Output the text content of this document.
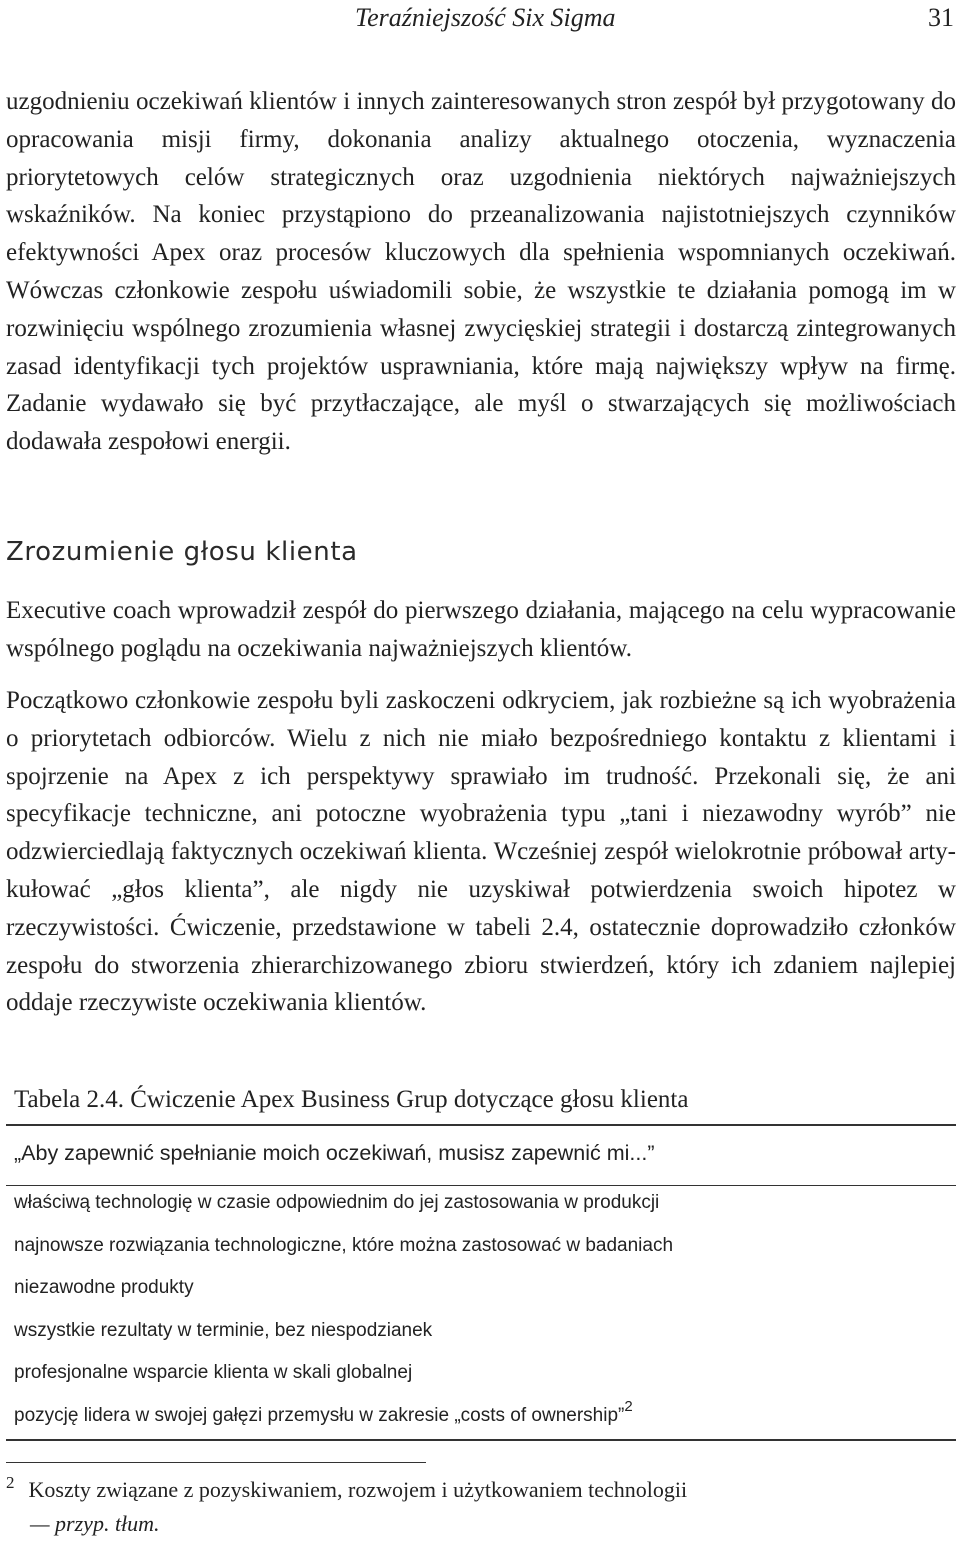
Teraźniejszość Six Sigma	31

uzgodnieniu oczekiwań klientów i innych zainteresowanych stron zespół był przygotowany do opracowania misji firmy, dokonania analizy aktualnego otoczenia, wyznaczenia priorytetowych celów strategicznych oraz uzgodnienia niektórych najważniejszych wskaźników. Na koniec przystąpiono do przeanalizowania najistotniejszych czynników efektywności Apex oraz procesów kluczowych dla spełnienia wspomnianych oczekiwań. Wówczas członkowie zespołu uświadomili sobie, że wszystkie te działania pomogą im w rozwinięciu wspólnego zrozumienia własnej zwycięskiej strategii i dostarczą zintegrowanych zasad identyfikacji tych projektów usprawniania, które mają największy wpływ na firmę. Zadanie wydawało się być przytłaczające, ale myśl o stwarzających się możliwościach dodawała zespołowi energii.

Zrozumienie głosu klienta

Executive coach wprowadził zespół do pierwszego działania, mającego na celu wypracowanie wspólnego poglądu na oczekiwania najważniejszych klientów.

Początkowo członkowie zespołu byli zaskoczeni odkryciem, jak rozbieżne są ich wyobrażenia o priorytetach odbiorców. Wielu z nich nie miało bezpośredniego kontaktu z klientami i spojrzenie na Apex z ich perspektywy sprawiało im trudność. Przekonali się, że ani specyfikacje techniczne, ani potoczne wyobrażenia typu „tani i niezawodny wyrób” nie odzwierciedlają faktycznych oczekiwań klienta. Wcześniej zespół wielokrotnie próbował artykułować „głos klienta”, ale nigdy nie uzyskiwał potwierdzenia swoich hipotez w rzeczywistości. Ćwiczenie, przedstawione w tabeli 2.4, ostatecznie doprowadziło członków zespołu do stworzenia zhierarchizowanego zbioru stwierdzeń, który ich zdaniem najlepiej oddaje rzeczywiste oczekiwania klientów.

Tabela 2.4. Ćwiczenie Apex Business Grup dotyczące głosu klienta
„Aby zapewnić spełnianie moich oczekiwań, musisz zapewnić mi...”
właściwą technologię w czasie odpowiednim do jej zastosowania w produkcji
najnowsze rozwiązania technologiczne, które można zastosować w badaniach
niezawodne produkty
wszystkie rezultaty w terminie, bez niespodzianek
profesjonalne wsparcie klienta w skali globalnej
pozycję lidera w swojej gałęzi przemysłu w zakresie „costs of ownership”$^2$
$^2$ Koszty związane z pozyskiwaniem, rozwojem i użytkowaniem technologii
— przyp. tłum.
